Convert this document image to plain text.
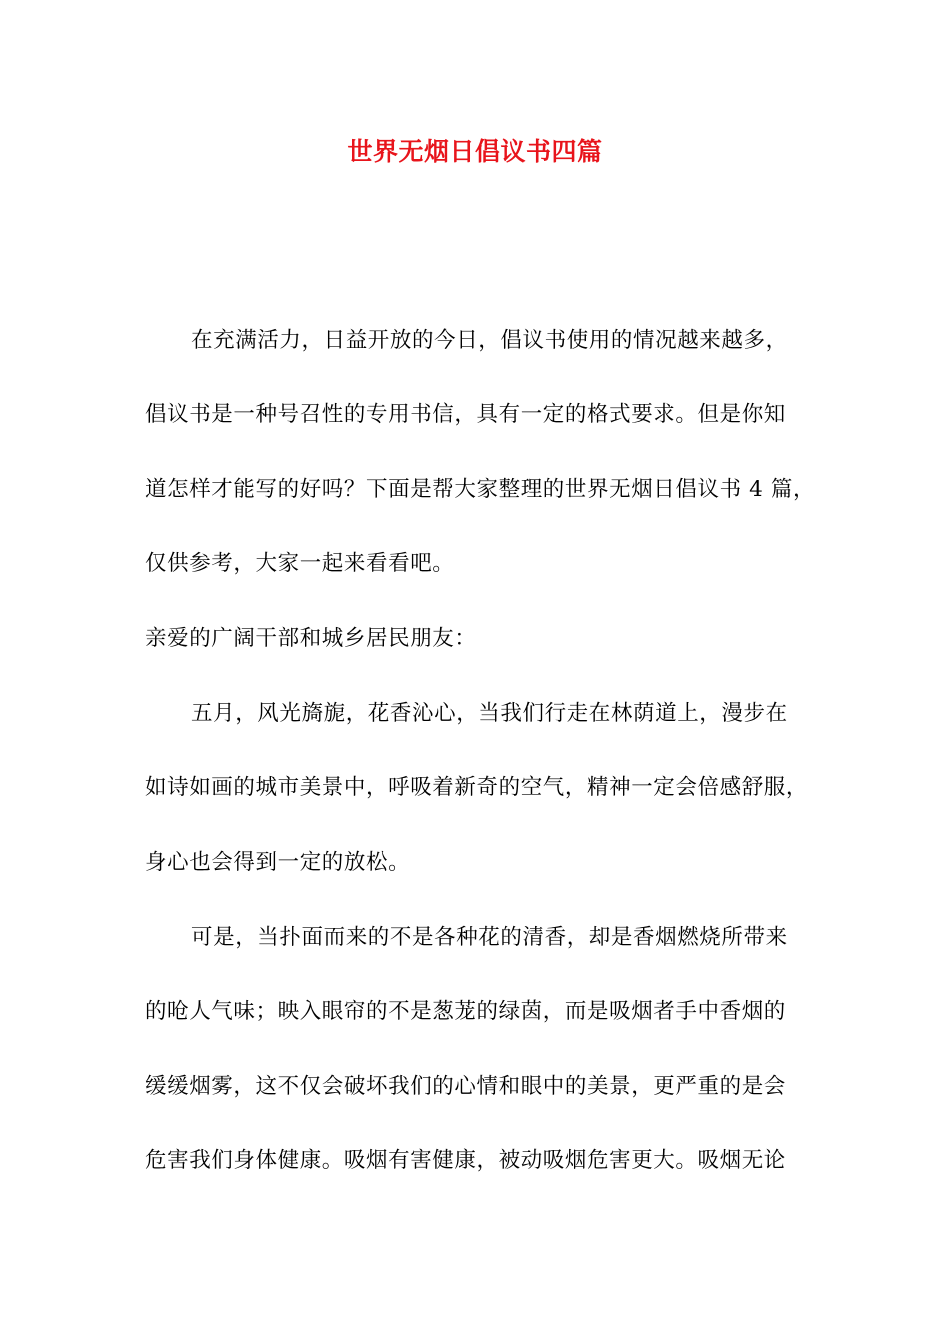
世界无烟日倡议书四篇
在充满活力，日益开放的今日，倡议书使用的情况越来越多，
倡议书是一种号召性的专用书信，具有一定的格式要求。但是你知
道怎样才能写的好吗？下面是帮大家整理的世界无烟日倡议书 4 篇，
仅供参考，大家一起来看看吧。
亲爱的广阔干部和城乡居民朋友：
五月，风光旖旎，花香沁心，当我们行走在林荫道上，漫步在
如诗如画的城市美景中，呼吸着新奇的空气，精神一定会倍感舒服，
身心也会得到一定的放松。
可是，当扑面而来的不是各种花的清香，却是香烟燃烧所带来
的呛人气味；映入眼帘的不是葱茏的绿茵，而是吸烟者手中香烟的
缓缓烟雾，这不仅会破坏我们的心情和眼中的美景，更严重的是会
危害我们身体健康。吸烟有害健康，被动吸烟危害更大。吸烟无论
